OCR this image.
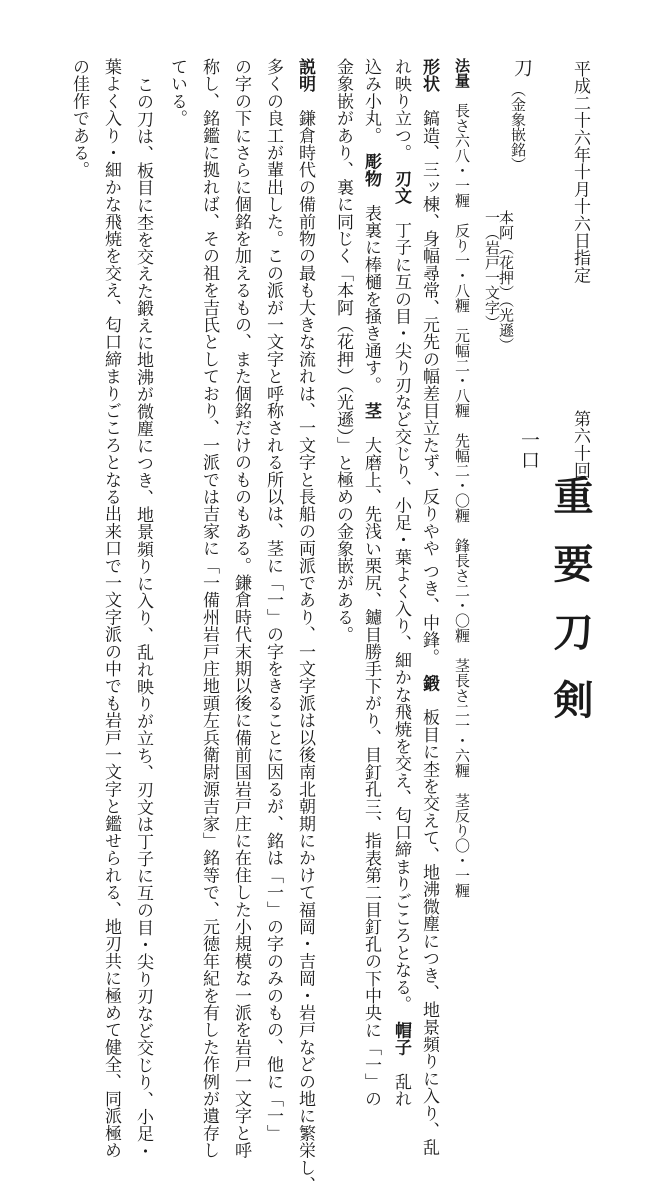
平成二十六年十月十六日指定
第六十回
重要刀剣
一口
刀
（金象嵌銘）
一（岩戸一文字）
本阿（花押）（光遜）
法量　長さ六八・一糎　反り一・八糎　元幅二・八糎　先幅二・〇糎　鋒長さ二・〇糎　茎長さ二一・六糎　茎反り〇・一糎
形状　鎬造、三ッ棟、身幅尋常、元先の幅差目立たず、反りやや つき、中鋒。　鍛　板目に杢を交えて、地沸微塵につき、地景頻りに入り、乱
れ映り立つ。　刃文　丁子に互の目・尖り刃など交じり、小足・葉よく入り、細かな飛焼を交え、匂口締まりごころとなる。　帽子　乱れ
込み小丸。　彫物　表裏に棒樋を掻き通す。　茎　大磨上、先浅い栗尻、鑢目勝手下がり、目釘孔三、指表第二目釘孔の下中央に「一」の
金象嵌があり、裏に同じく「本阿（花押）（光遜）」と極めの金象嵌がある。
説明　鎌倉時代の備前物の最も大きな流れは、一文字と長船の両派であり、一文字派は以後南北朝期にかけて福岡・吉岡・岩戸などの地に繁栄し、
多くの良工が輩出した。この派が一文字と呼称される所以は、茎に「一」の字をきることに因るが、銘は「一」の字のみのもの、他に「一」
の字の下にさらに個銘を加えるもの、また個銘だけのものもある。鎌倉時代末期以後に備前国岩戸庄に在住した小規模な一派を岩戸一文字と呼
称し、銘鑑に拠れば、その祖を吉氏としており、一派では吉家に「一備州岩戸庄地頭左兵衛尉源吉家」銘等で、元徳年紀を有した作例が遺存し
ている。
この刀は、板目に杢を交えた鍛えに地沸が微塵につき、地景頻りに入り、乱れ映りが立ち、刃文は丁子に互の目・尖り刃など交じり、小足・
葉よく入り・細かな飛焼を交え、匂口締まりごころとなる出来口で一文字派の中でも岩戸一文字と鑑せられる、地刃共に極めて健全、同派極め
の佳作である。
